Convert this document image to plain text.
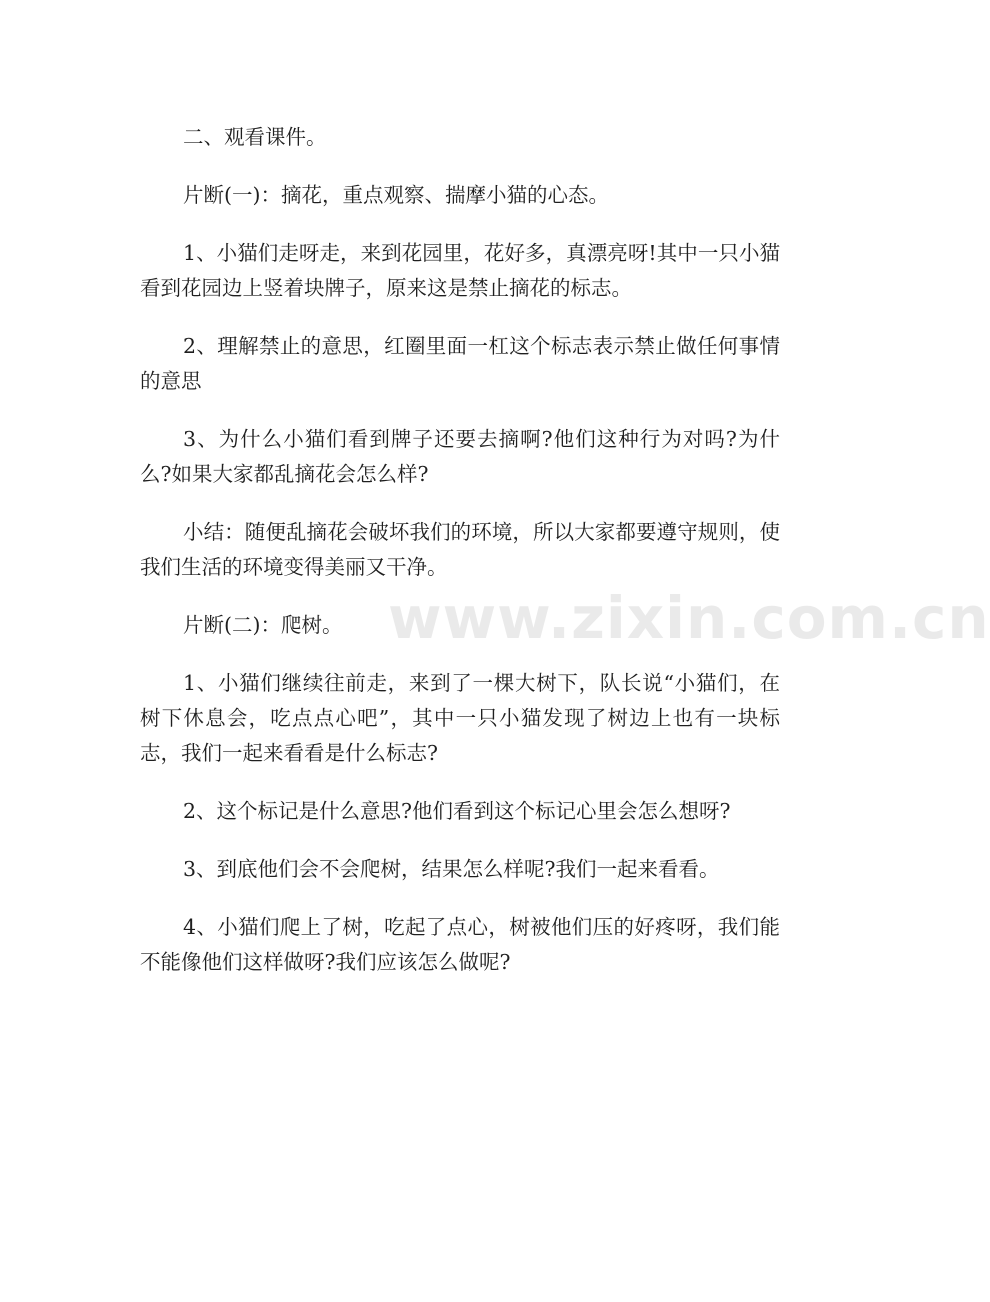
二、观看课件。

片断(一)：摘花，重点观察、揣摩小猫的心态。

1、小猫们走呀走，来到花园里，花好多，真漂亮呀!其中一只小猫看到花园边上竖着块牌子，原来这是禁止摘花的标志。

2、理解禁止的意思，红圈里面一杠这个标志表示禁止做任何事情的意思

3、为什么小猫们看到牌子还要去摘啊?他们这种行为对吗?为什么?如果大家都乱摘花会怎么样?

小结：随便乱摘花会破坏我们的环境，所以大家都要遵守规则，使我们生活的环境变得美丽又干净。

片断(二)：爬树。

1、小猫们继续往前走，来到了一棵大树下，队长说“小猫们，在树下休息会，吃点点心吧”，其中一只小猫发现了树边上也有一块标志，我们一起来看看是什么标志?

2、这个标记是什么意思?他们看到这个标记心里会怎么想呀?

3、到底他们会不会爬树，结果怎么样呢?我们一起来看看。

4、小猫们爬上了树，吃起了点心，树被他们压的好疼呀，我们能不能像他们这样做呀?我们应该怎么做呢?

www.zixin.com.cn
